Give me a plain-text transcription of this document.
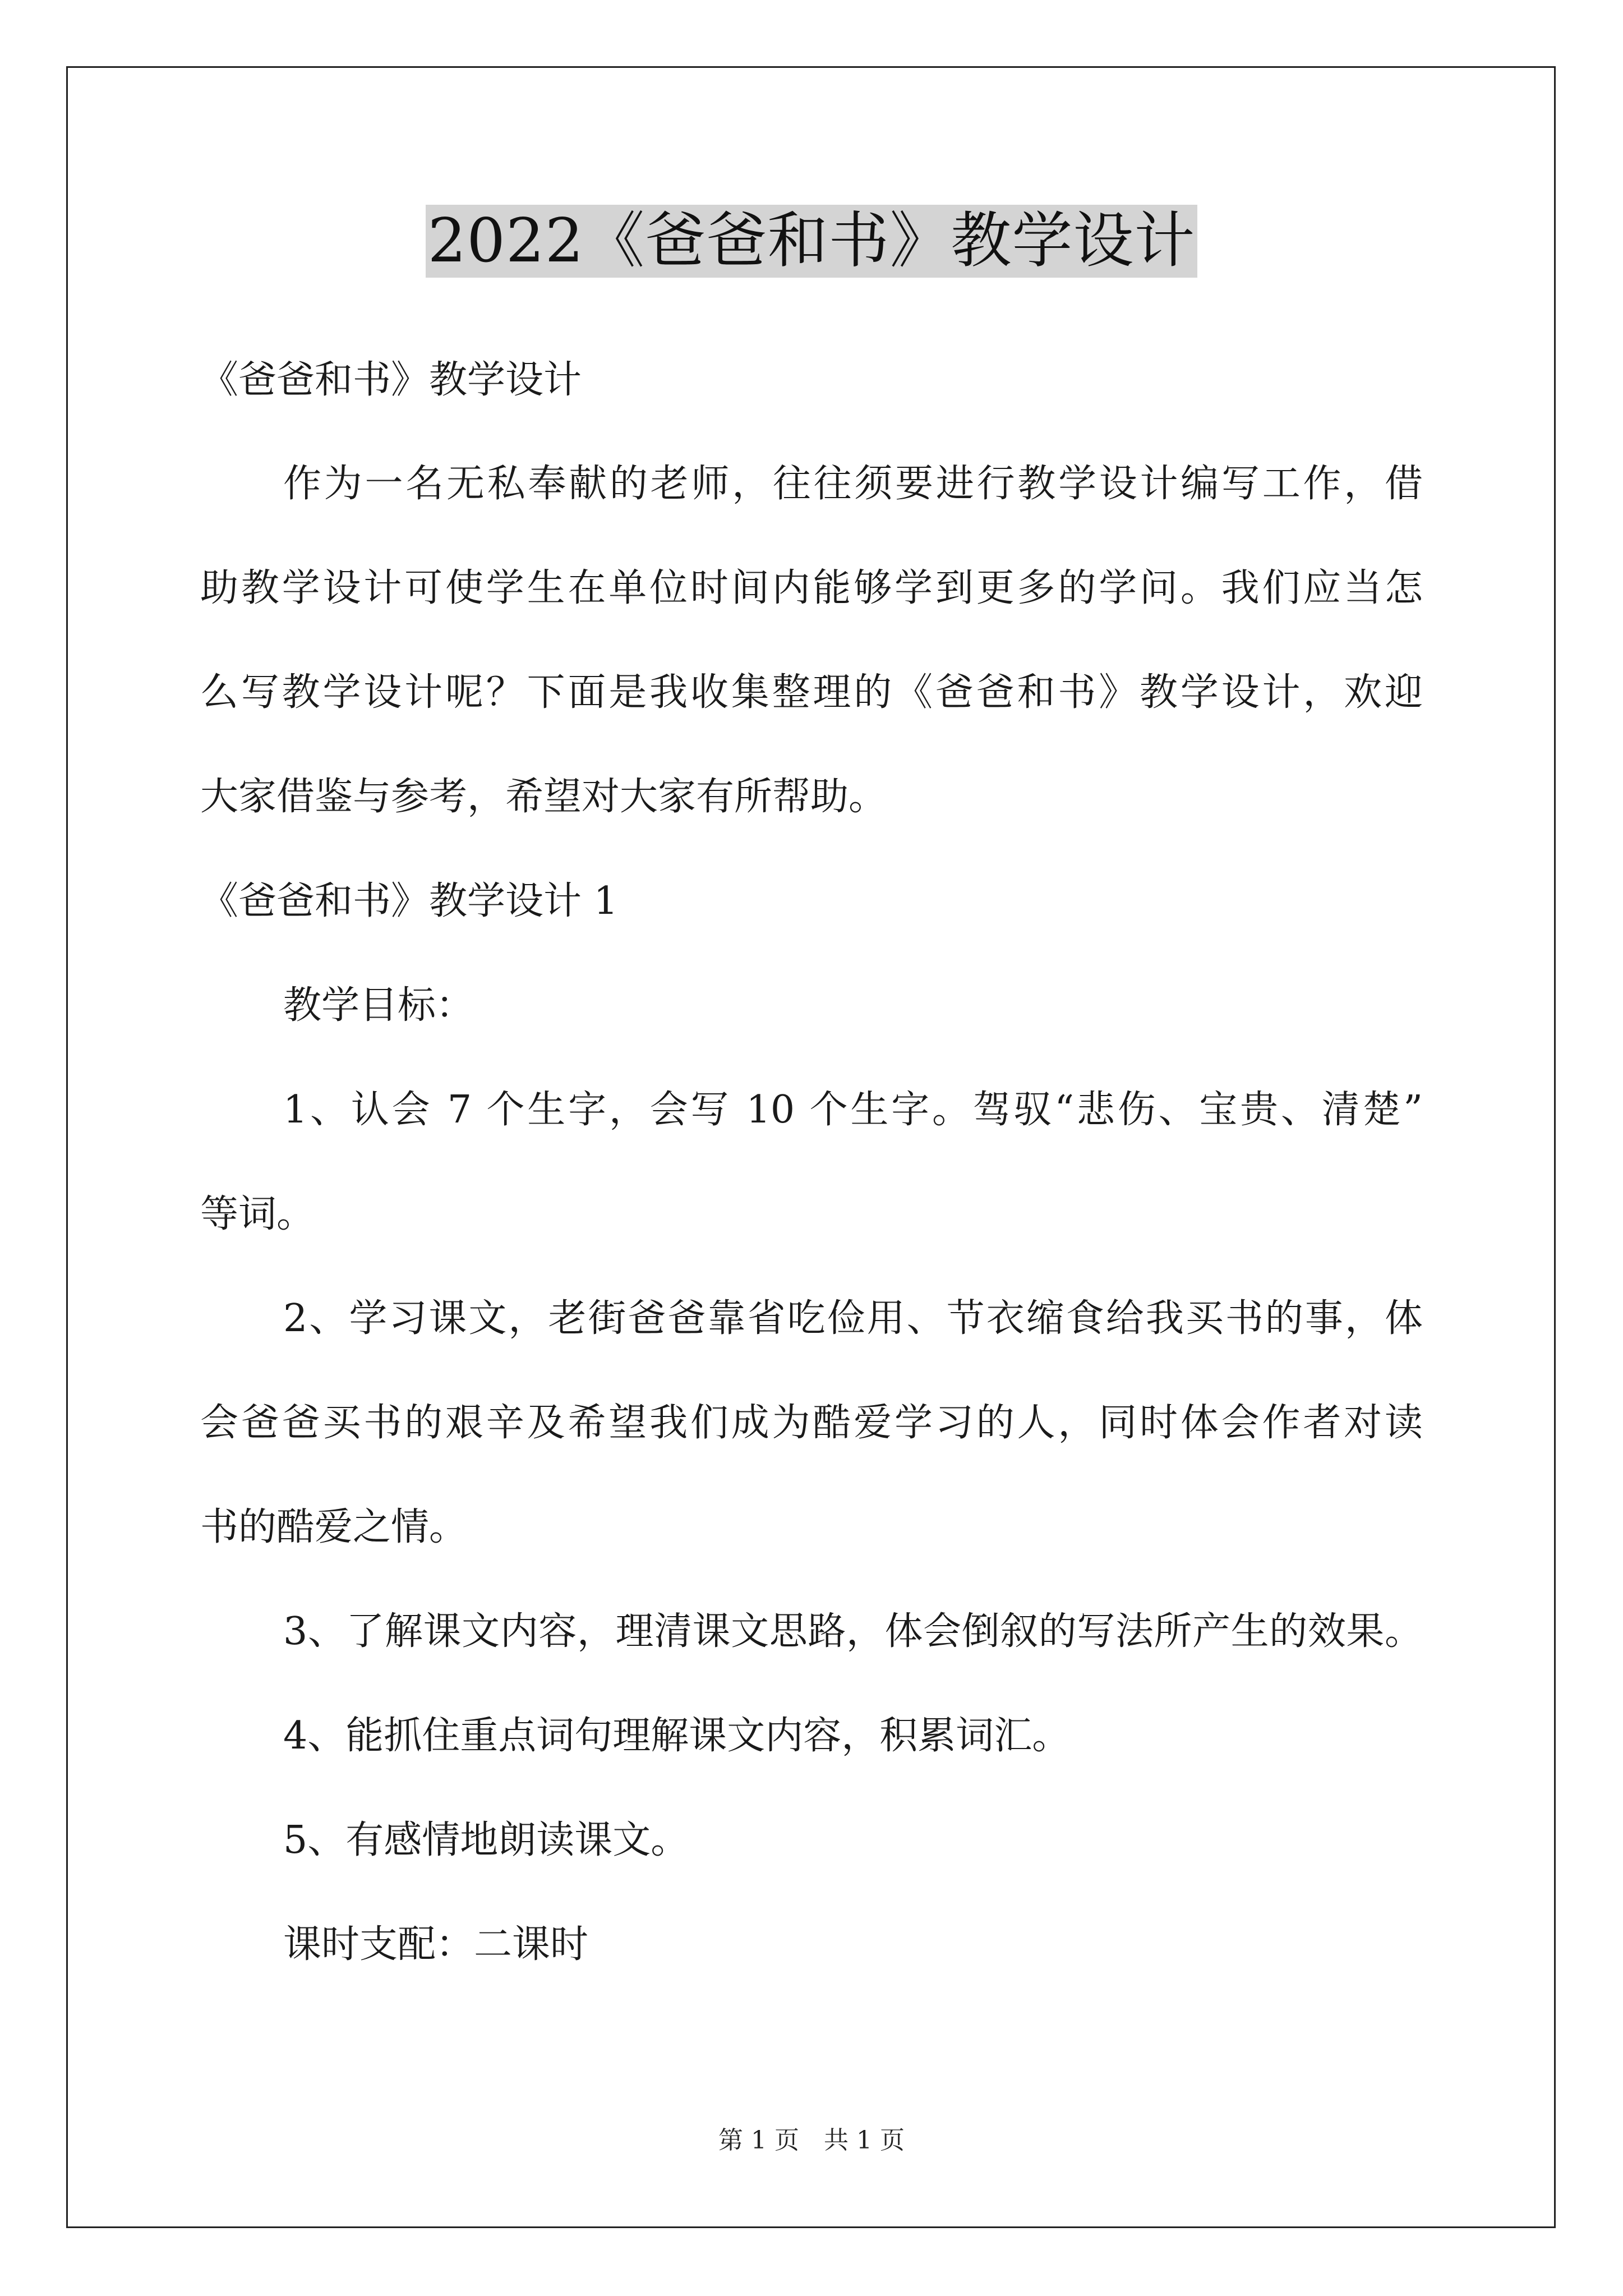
2022《爸爸和书》教学设计
《爸爸和书》教学设计
作为一名无私奉献的老师，往往须要进行教学设计编写工作，借
助教学设计可使学生在单位时间内能够学到更多的学问。我们应当怎
么写教学设计呢？下面是我收集整理的《爸爸和书》教学设计，欢迎
大家借鉴与参考，希望对大家有所帮助。
《爸爸和书》教学设计 1
教学目标：
1、认会 7 个生字，会写 10 个生字。驾驭“悲伤、宝贵、清楚”
等词。
2、学习课文，老街爸爸靠省吃俭用、节衣缩食给我买书的事，体
会爸爸买书的艰辛及希望我们成为酷爱学习的人，同时体会作者对读
书的酷爱之情。
3、了解课文内容，理清课文思路，体会倒叙的写法所产生的效果。
4、能抓住重点词句理解课文内容，积累词汇。
5、有感情地朗读课文。
课时支配：二课时
第 1 页　共 1 页
